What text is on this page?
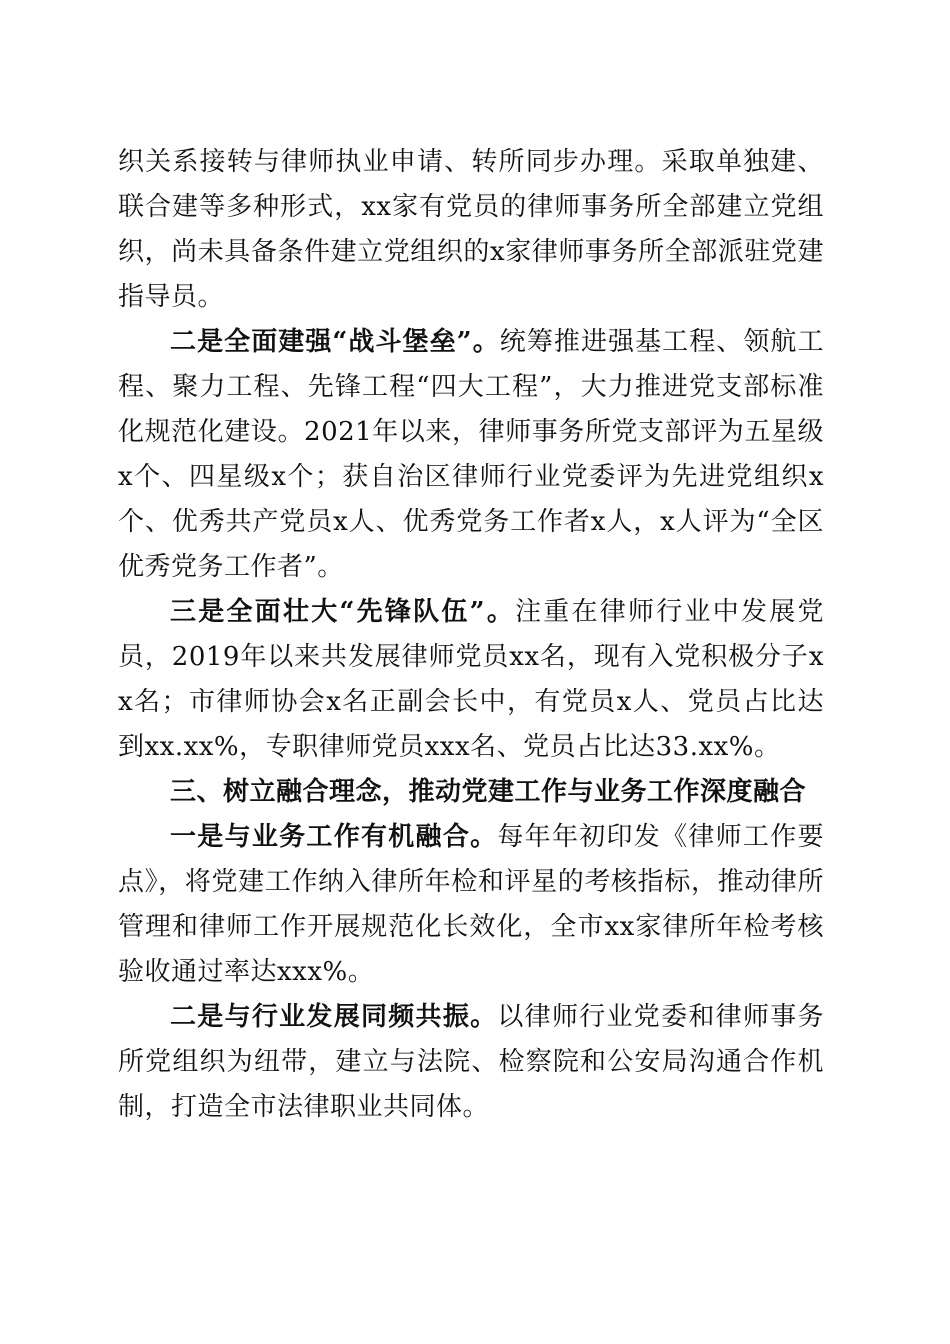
织关系接转与律师执业申请、转所同步办理。采取单独建、联合建等多种形式，xx家有党员的律师事务所全部建立党组织，尚未具备条件建立党组织的x家律师事务所全部派驻党建指导员。

二是全面建强“战斗堡垒”。统筹推进强基工程、领航工程、聚力工程、先锋工程“四大工程”，大力推进党支部标准化规范化建设。2021年以来，律师事务所党支部评为五星级x个、四星级x个；获自治区律师行业党委评为先进党组织x个、优秀共产党员x人、优秀党务工作者x人，x人评为“全区优秀党务工作者”。

三是全面壮大“先锋队伍”。注重在律师行业中发展党员，2019年以来共发展律师党员xx名，现有入党积极分子xx名；市律师协会x名正副会长中，有党员x人、党员占比达到xx.xx%，专职律师党员xxx名、党员占比达33.xx%。

三、树立融合理念，推动党建工作与业务工作深度融合

一是与业务工作有机融合。每年年初印发《律师工作要点》，将党建工作纳入律所年检和评星的考核指标，推动律所管理和律师工作开展规范化长效化，全市xx家律所年检考核验收通过率达xxx%。

二是与行业发展同频共振。以律师行业党委和律师事务所党组织为纽带，建立与法院、检察院和公安局沟通合作机制，打造全市法律职业共同体。
